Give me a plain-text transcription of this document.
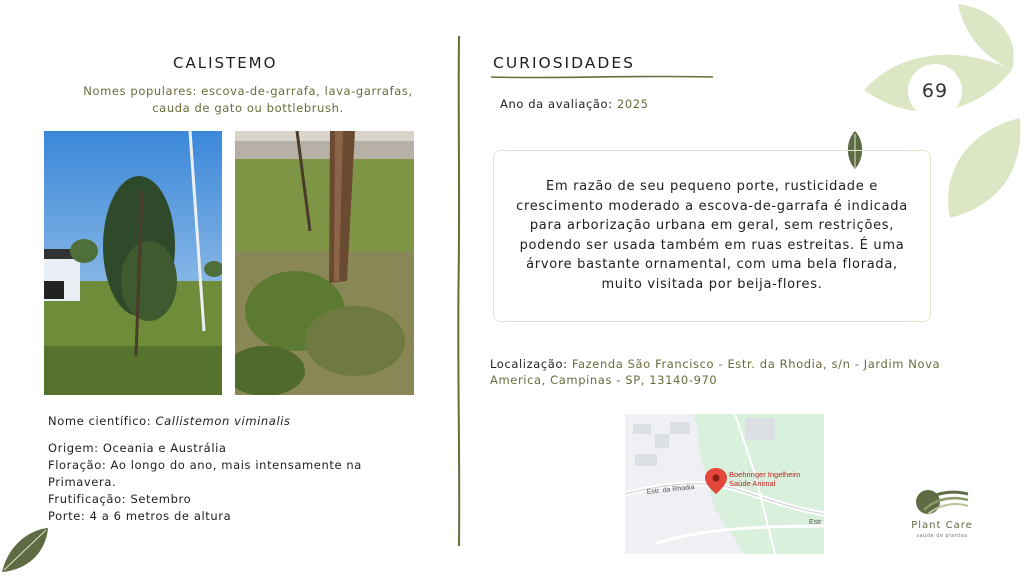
69
CALISTEMO
Nomes populares: escova-de-garrafa, lava-garrafas,
cauda de gato ou bottlebrush.
Nome científico: Callistemon viminalis
Origem: Oceania e Austrália
Floração: Ao longo do ano, mais intensamente na
Primavera.
Frutificação: Setembro
Porte: 4 a 6 metros de altura
CURIOSIDADES
Ano da avaliação: 2025

Em razão de seu pequeno porte, rusticidade e crescimento moderado a escova-de-garrafa é indicada para arborização urbana em geral, sem restrições, podendo ser usada também em ruas estreitas. É uma árvore bastante ornamental, com uma bela florada, muito visitada por beija-flores.

Localização: Fazenda São Francisco - Estr. da Rhodia, s/n - Jardim Nova
America, Campinas - SP, 13140-970
Boehringer Ingelheim
Saúde Animal
Estr. da Rhodia
Estr	Plant Care
saúde de plantas
